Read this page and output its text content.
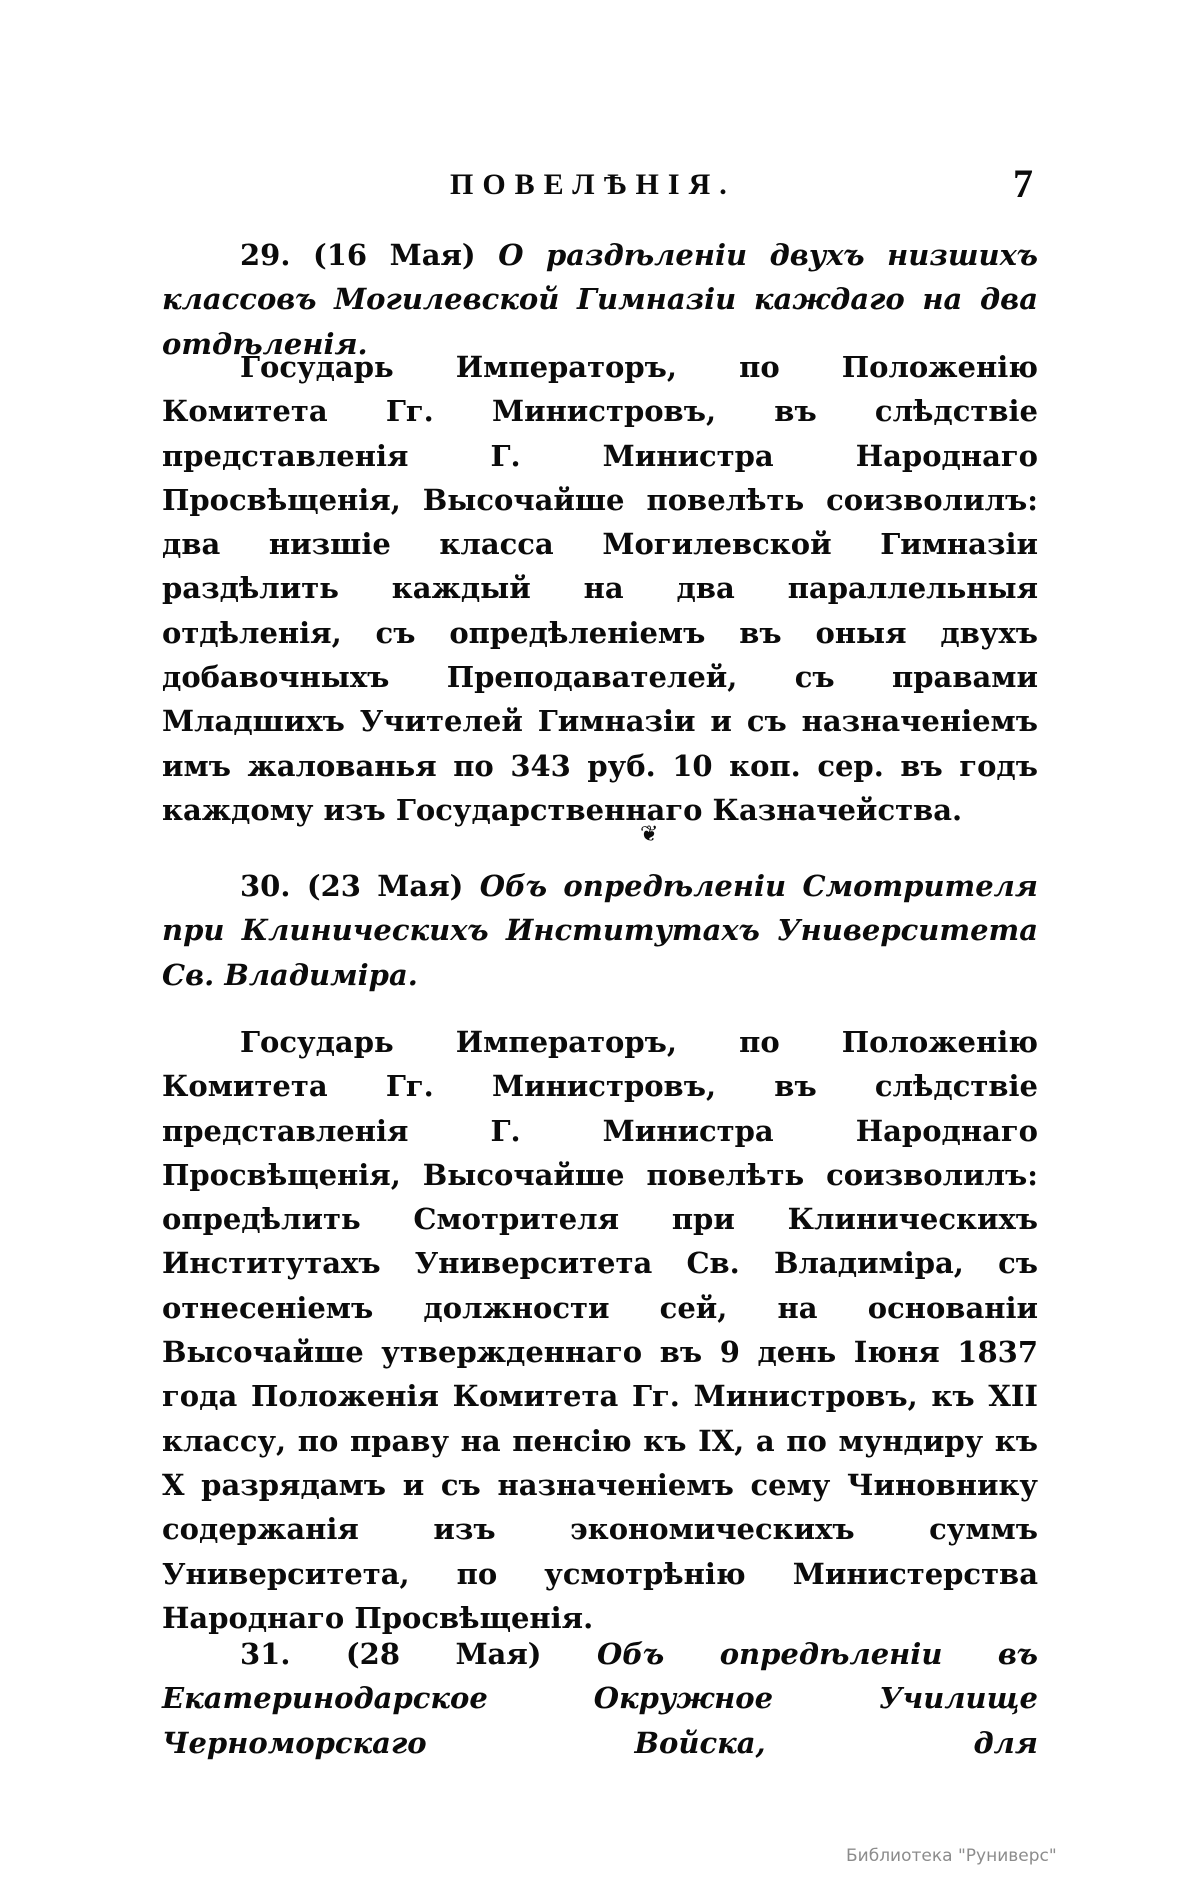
ПОВЕЛѢНІЯ.	7

29. (16 Мая) О раздѣленіи двухъ низшихъ классовъ Могилевской Гимназіи каждаго на два отдѣленія.

Государь Императоръ, по Положенію Комитета Гг. Министровъ, въ слѣдствіе представленія Г. Министра Народнаго Просвѣщенія, Высочайше повелѣть соизволилъ: два низшіе класса Могилевской Гимназіи раздѣлить каждый на два параллельныя отдѣленія, съ опредѣленіемъ въ оныя двухъ добавочныхъ Преподавателей, съ правами Младшихъ Учителей Гимназіи и съ назначеніемъ имъ жалованья по 343 руб. 10 коп. сер. въ годъ каждому изъ Государственнаго Казначейства.

❦

30. (23 Мая) Объ опредѣленіи Смотрителя при Клиническихъ Институтахъ Университета Св. Владиміра.

Государь Императоръ, по Положенію Комитета Гг. Министровъ, въ слѣдствіе представленія Г. Министра Народнаго Просвѣщенія, Высочайше повелѣть соизволилъ: опредѣлить Смотрителя при Клиническихъ Институтахъ Университета Св. Владиміра, съ отнесеніемъ должности сей, на основаніи Высочайше утвержденнаго въ 9 день Іюня 1837 года Положенія Комитета Гг. Министровъ, къ XII классу, по праву на пенсію къ IX, а по мундиру къ X разрядамъ и съ назначеніемъ сему Чиновнику содержанія изъ экономическихъ суммъ Университета, по усмотрѣнію Министерства Народнаго Просвѣщенія.

31. (28 Мая) Объ опредѣленіи въ Екатеринодарское Окружное Училище Черноморскаго Войска, для

Библиотека "Руниверс"
